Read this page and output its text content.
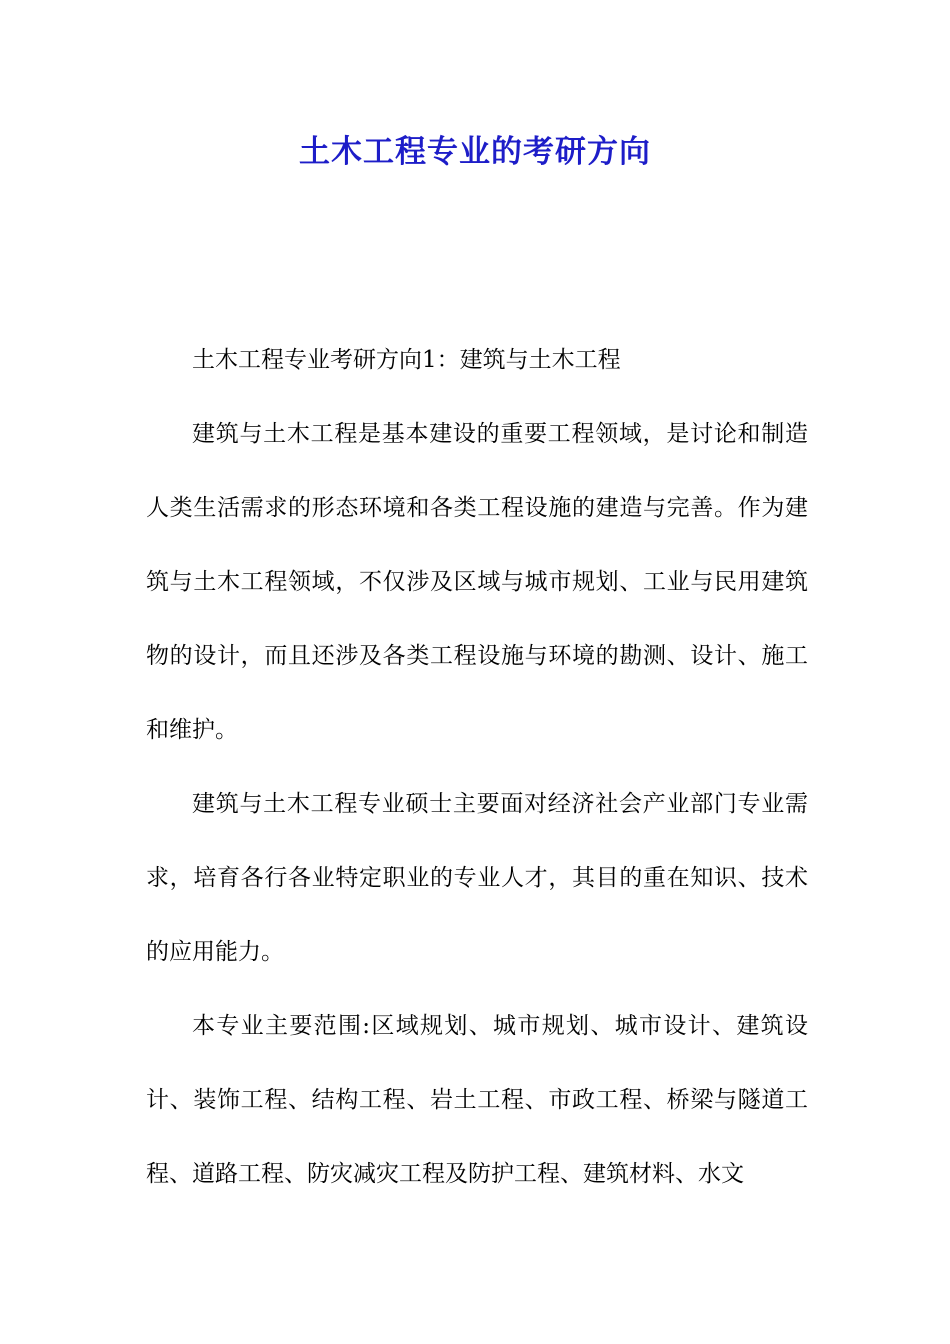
土木工程专业的考研方向

土木工程专业考研方向1：建筑与土木工程

建筑与土木工程是基本建设的重要工程领域，是讨论和制造人类生活需求的形态环境和各类工程设施的建造与完善。作为建筑与土木工程领域，不仅涉及区域与城市规划、工业与民用建筑物的设计，而且还涉及各类工程设施与环境的勘测、设计、施工和维护。

建筑与土木工程专业硕士主要面对经济社会产业部门专业需求，培育各行各业特定职业的专业人才，其目的重在知识、技术的应用能力。

本专业主要范围:区域规划、城市规划、城市设计、建筑设计、装饰工程、结构工程、岩土工程、市政工程、桥梁与隧道工程、道路工程、防灾减灾工程及防护工程、建筑材料、水文
